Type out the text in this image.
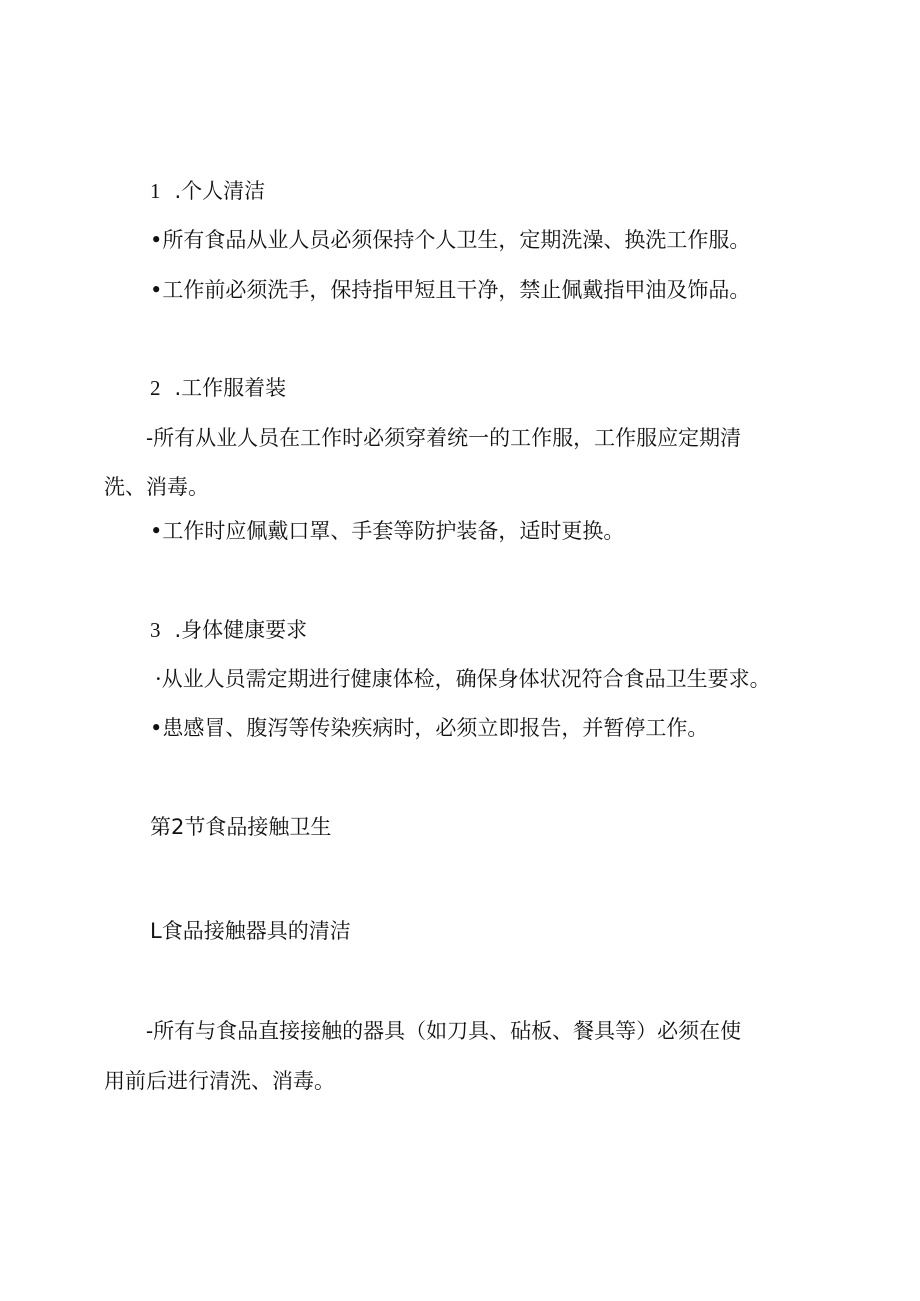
1 .个人清洁

•所有食品从业人员必须保持个人卫生，定期洗澡、换洗工作服。

•工作前必须洗手，保持指甲短且干净，禁止佩戴指甲油及饰品。

2 .工作服着装

-所有从业人员在工作时必须穿着统一的工作服，工作服应定期清

洗、消毒。

•工作时应佩戴口罩、手套等防护装备，适时更换。

3 .身体健康要求

·从业人员需定期进行健康体检，确保身体状况符合食品卫生要求。

•患感冒、腹泻等传染疾病时，必须立即报告，并暂停工作。

第2节食品接触卫生
L食品接触器具的清洁

-所有与食品直接接触的器具（如刀具、砧板、餐具等）必须在使

用前后进行清洗、消毒。
